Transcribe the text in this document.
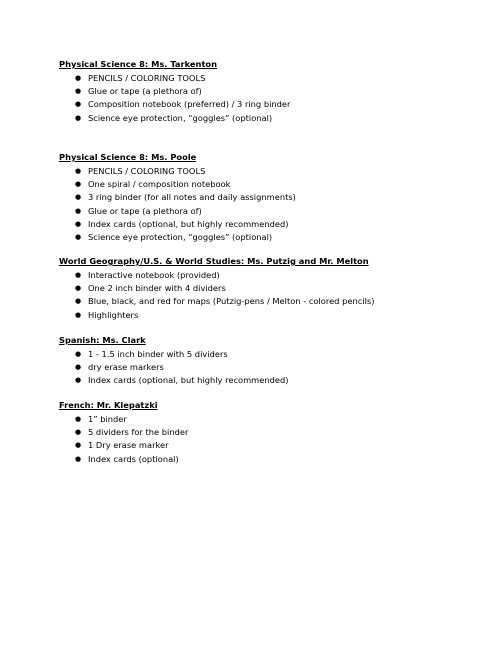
Physical Science 8: Ms. Tarkenton
● PENCILS / COLORING TOOLS
● Glue or tape (a plethora of)
● Composition notebook (preferred) / 3 ring binder
● Science eye protection, “goggles” (optional)
Physical Science 8: Ms. Poole
● PENCILS / COLORING TOOLS
● One spiral / composition notebook
● 3 ring binder (for all notes and daily assignments)
● Glue or tape (a plethora of)
● Index cards (optional, but highly recommended)
● Science eye protection, “goggles” (optional)
World Geography/U.S. & World Studies: Ms. Putzig and Mr. Melton
● Interactive notebook (provided)
● One 2 inch binder with 4 dividers
● Blue, black, and red for maps (Putzig-pens / Melton - colored pencils)
● Highlighters
Spanish: Ms. Clark
● 1 - 1.5 inch binder with 5 dividers
● dry erase markers
● Index cards (optional, but highly recommended)
French: Mr. Klepatzki
● 1” binder
● 5 dividers for the binder
● 1 Dry erase marker
● Index cards (optional)
